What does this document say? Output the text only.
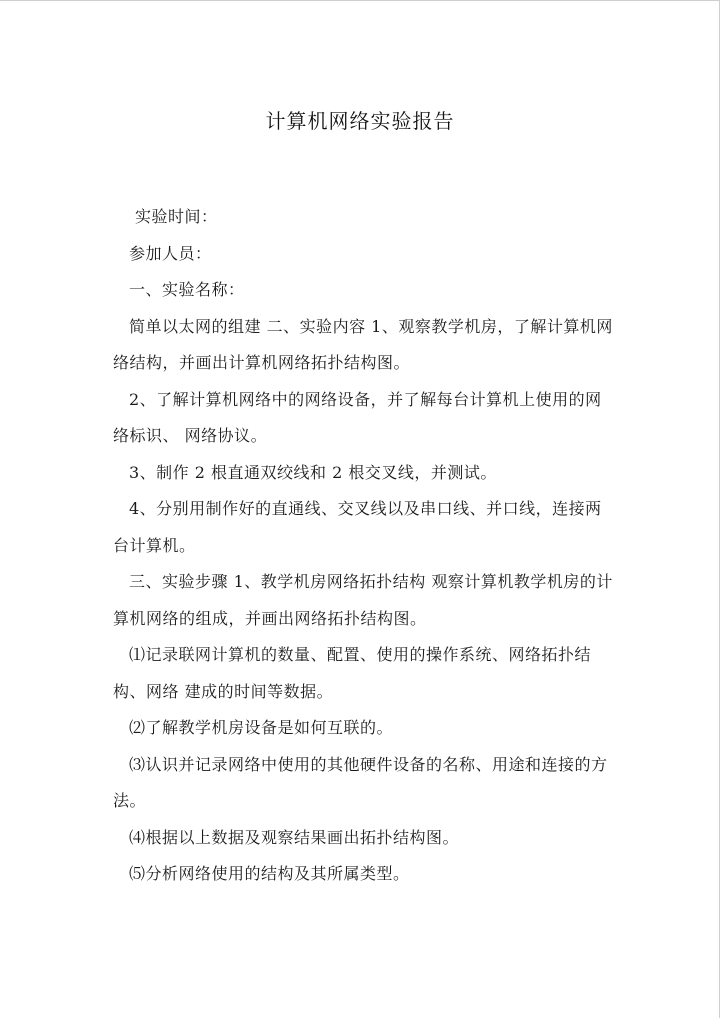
计算机网络实验报告

实验时间：

参加人员：

一、实验名称：

简单以太网的组建 二、实验内容 1、观察教学机房，了解计算机网络结构，并画出计算机网络拓扑结构图。

2、了解计算机网络中的网络设备，并了解每台计算机上使用的网络标识、 网络协议。

3、制作 2 根直通双绞线和 2 根交叉线，并测试。

4、分别用制作好的直通线、交叉线以及串口线、并口线，连接两台计算机。

三、实验步骤 1、教学机房网络拓扑结构 观察计算机教学机房的计算机网络的组成，并画出网络拓扑结构图。

⑴记录联网计算机的数量、配置、使用的操作系统、网络拓扑结构、网络 建成的时间等数据。

⑵了解教学机房设备是如何互联的。

⑶认识并记录网络中使用的其他硬件设备的名称、用途和连接的方法。

⑷根据以上数据及观察结果画出拓扑结构图。

⑸分析网络使用的结构及其所属类型。
